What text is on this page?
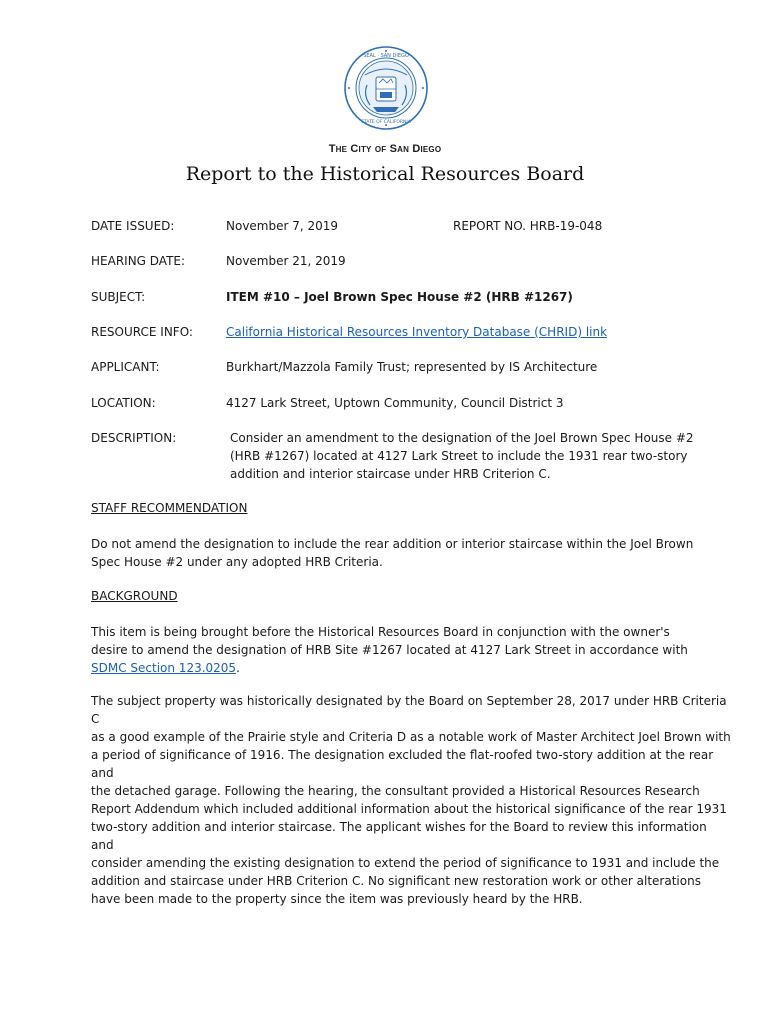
SEAL · SAN DIEGO
STATE OF CALIFORNIA
The City of San Diego
Report to the Historical Resources Board
DATE ISSUED:	November 7, 2019	REPORT NO. HRB-19-048
HEARING DATE:	November 21, 2019
SUBJECT:	ITEM #10 – Joel Brown Spec House #2 (HRB #1267)
RESOURCE INFO:	California Historical Resources Inventory Database (CHRID) link
APPLICANT:	Burkhart/Mazzola Family Trust; represented by IS Architecture
LOCATION:	4127 Lark Street, Uptown Community, Council District 3
DESCRIPTION:	Consider an amendment to the designation of the Joel Brown Spec House #2
(HRB #1267) located at 4127 Lark Street to include the 1931 rear two-story
addition and interior staircase under HRB Criterion C.
STAFF RECOMMENDATION
Do not amend the designation to include the rear addition or interior staircase within the Joel Brown
Spec House #2 under any adopted HRB Criteria.
BACKGROUND
This item is being brought before the Historical Resources Board in conjunction with the owner's
desire to amend the designation of HRB Site #1267 located at 4127 Lark Street in accordance with
SDMC Section 123.0205.
The subject property was historically designated by the Board on September 28, 2017 under HRB Criteria C
as a good example of the Prairie style and Criteria D as a notable work of Master Architect Joel Brown with
a period of significance of 1916. The designation excluded the flat-roofed two-story addition at the rear and
the detached garage. Following the hearing, the consultant provided a Historical Resources Research
Report Addendum which included additional information about the historical significance of the rear 1931
two-story addition and interior staircase. The applicant wishes for the Board to review this information and
consider amending the existing designation to extend the period of significance to 1931 and include the
addition and staircase under HRB Criterion C. No significant new restoration work or other alterations
have been made to the property since the item was previously heard by the HRB.
